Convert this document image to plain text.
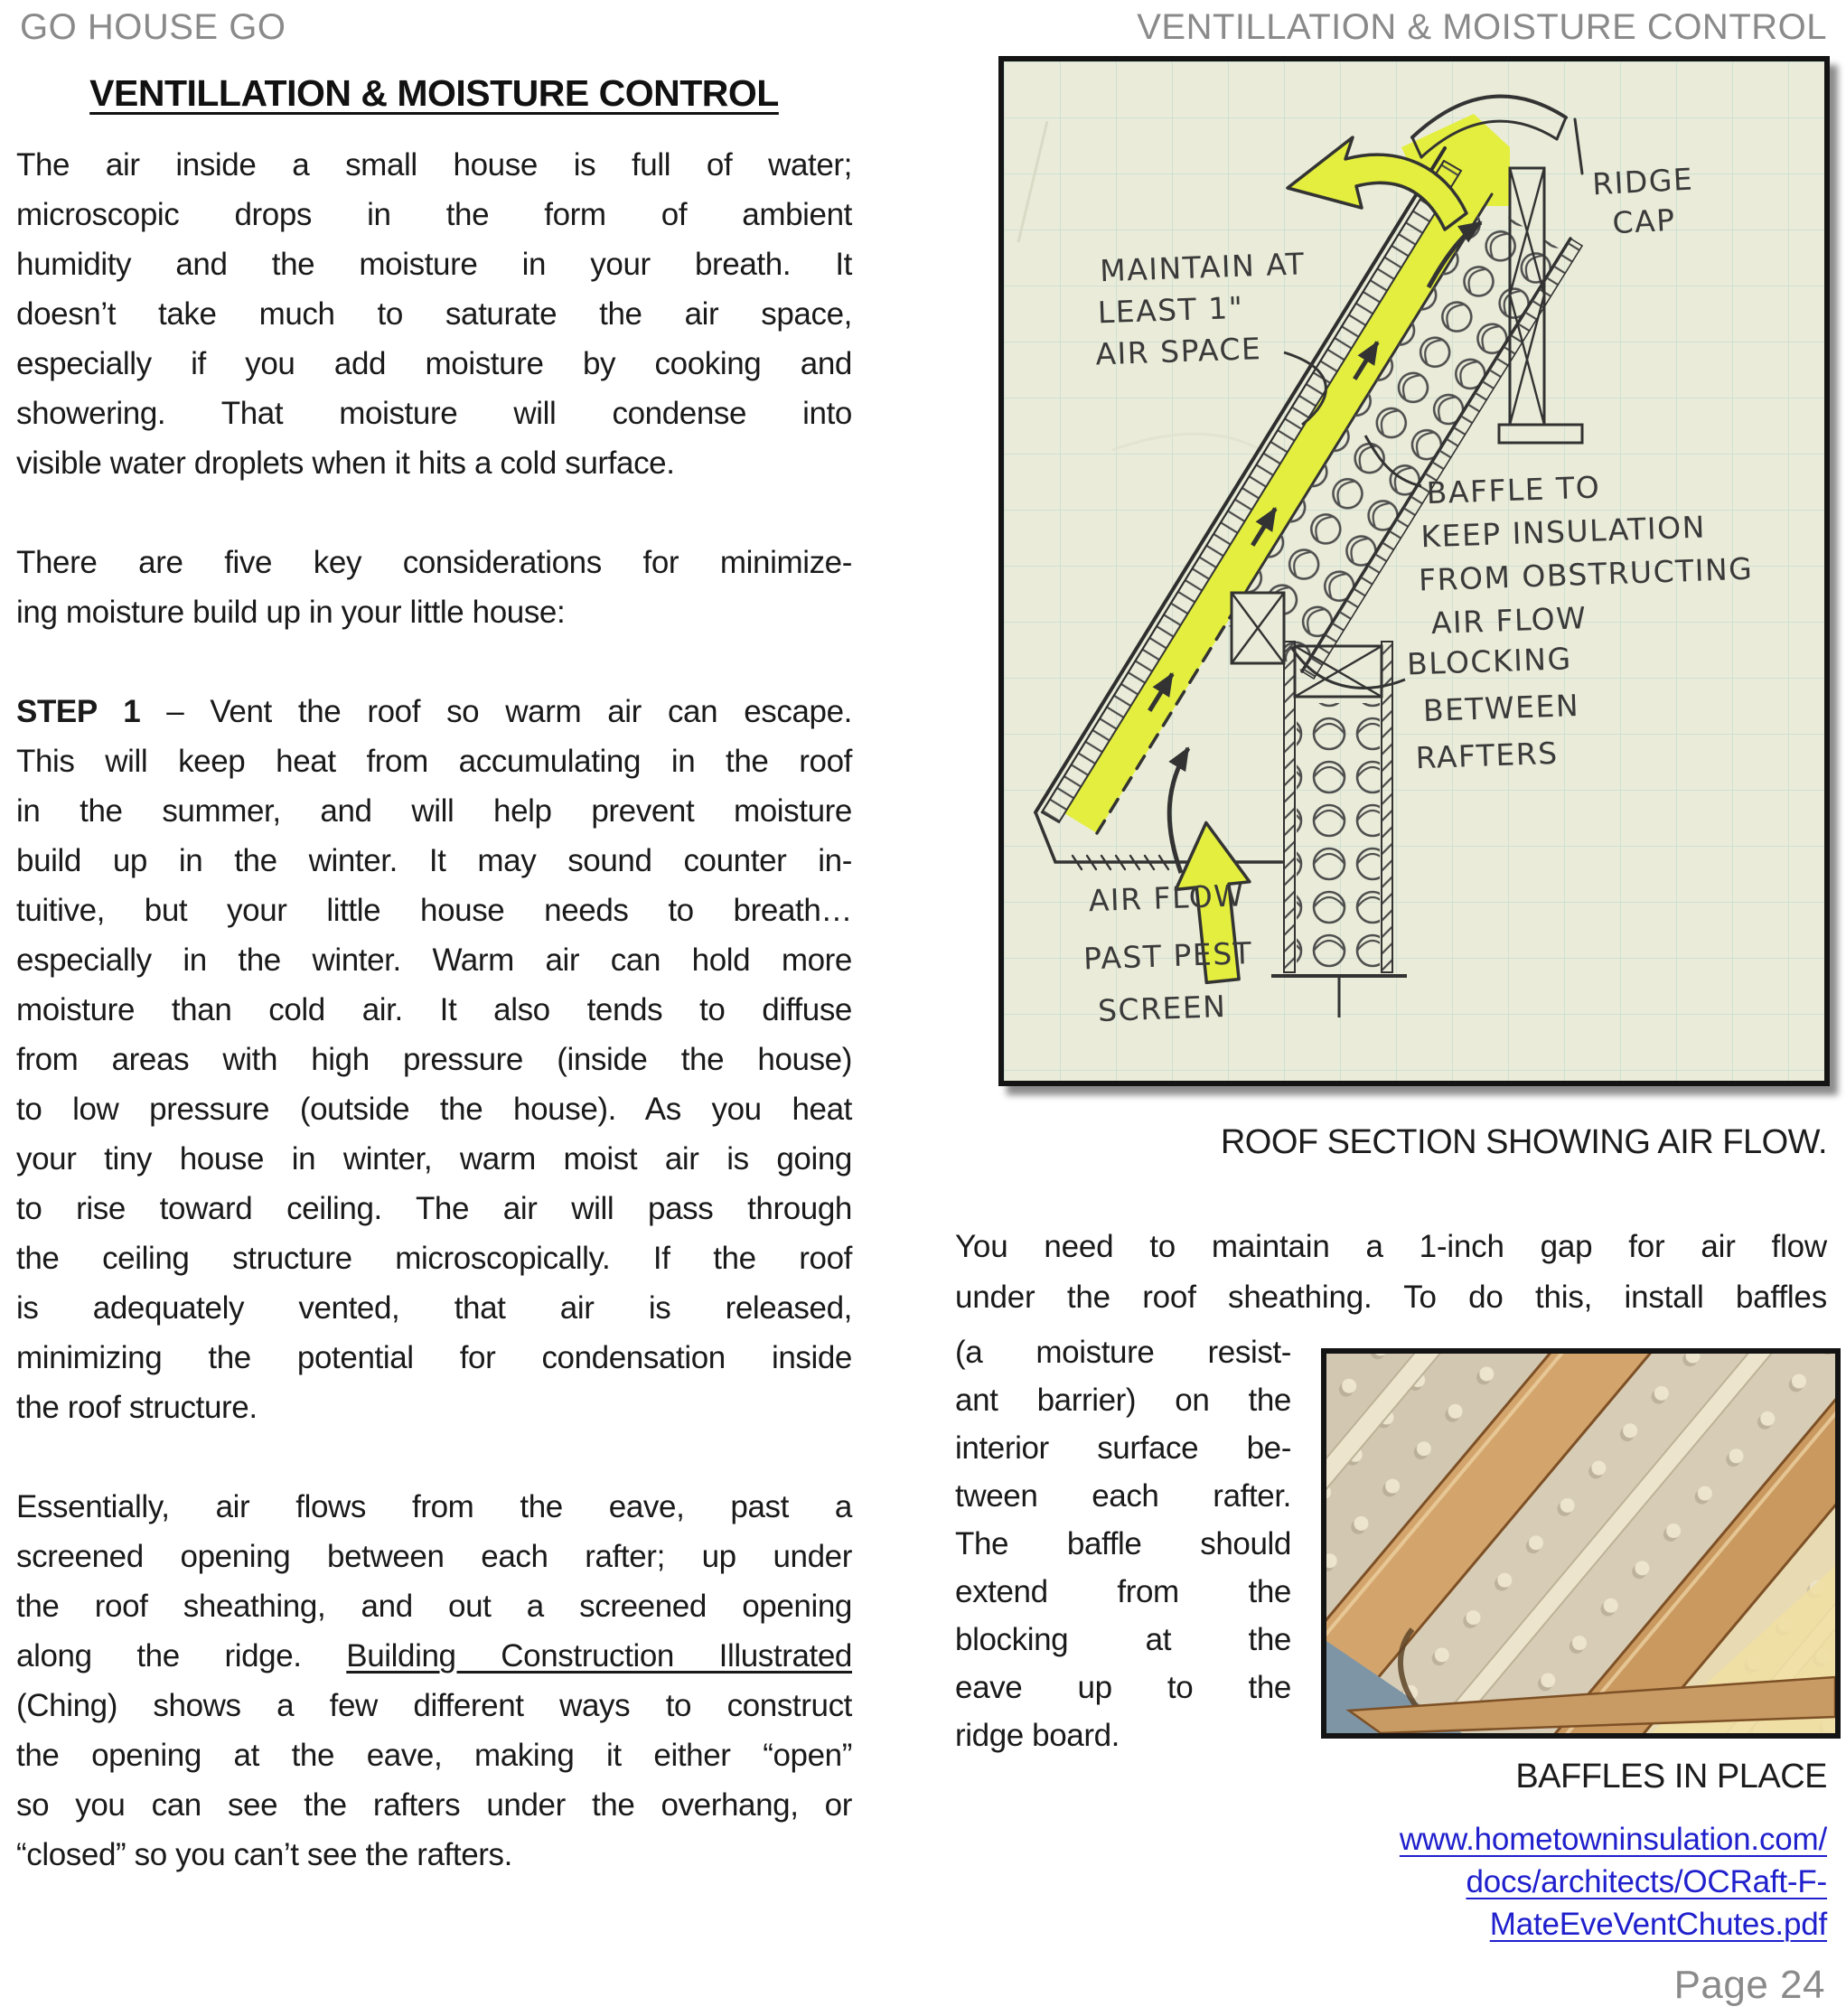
GO HOUSE GO	VENTILLATION & MOISTURE CONTROL
VENTILLATION & MOISTURE CONTROL
The air inside a small house is full of water;
microscopic drops in the form of ambient
humidity and the moisture in your breath. It
doesn’t take much to saturate the air space,
especially if you add moisture by cooking and
showering. That moisture will condense into
visible water droplets when it hits a cold surface.
There are five key considerations for minimize-
ing moisture build up in your little house:
STEP 1 – Vent the roof so warm air can escape.
This will keep heat from accumulating in the roof
in the summer, and will help prevent moisture
build up in the winter. It may sound counter in-
tuitive, but your little house needs to breath…
especially in the winter. Warm air can hold more
moisture than cold air. It also tends to diffuse
from areas with high pressure (inside the house)
to low pressure (outside the house). As you heat
your tiny house in winter, warm moist air is going
to rise toward ceiling. The air will pass through
the ceiling structure microscopically. If the roof
is adequately vented, that air is released,
minimizing the potential for condensation inside
the roof structure.
Essentially, air flows from the eave, past a
screened opening between each rafter; up under
the roof sheathing, and out a screened opening
along the ridge. Building Construction Illustrated
(Ching) shows a few different ways to construct
the opening at the eave, making it either “open”
so you can see the rafters under the overhang, or
“closed” so you can’t see the rafters.
RIDGE
CAP
MAINTAIN AT
LEAST 1"
AIR SPACE
BAFFLE TO
KEEP INSULATION
FROM OBSTRUCTING
AIR FLOW
BLOCKING
BETWEEN
RAFTERS
AIR FLOW
PAST PEST
SCREEN
ROOF SECTION SHOWING AIR FLOW.
You need to maintain a 1-inch gap for air flow
under the roof sheathing. To do this, install baffles
(a moisture resist-
ant barrier) on the
interior surface be-
tween each rafter.
The baffle should
extend from the
blocking at the
eave up to the
ridge board.
BAFFLES IN PLACE
www.hometowninsulation.com/
docs/architects/OCRaft-F-
MateEveVentChutes.pdf
Page 24
